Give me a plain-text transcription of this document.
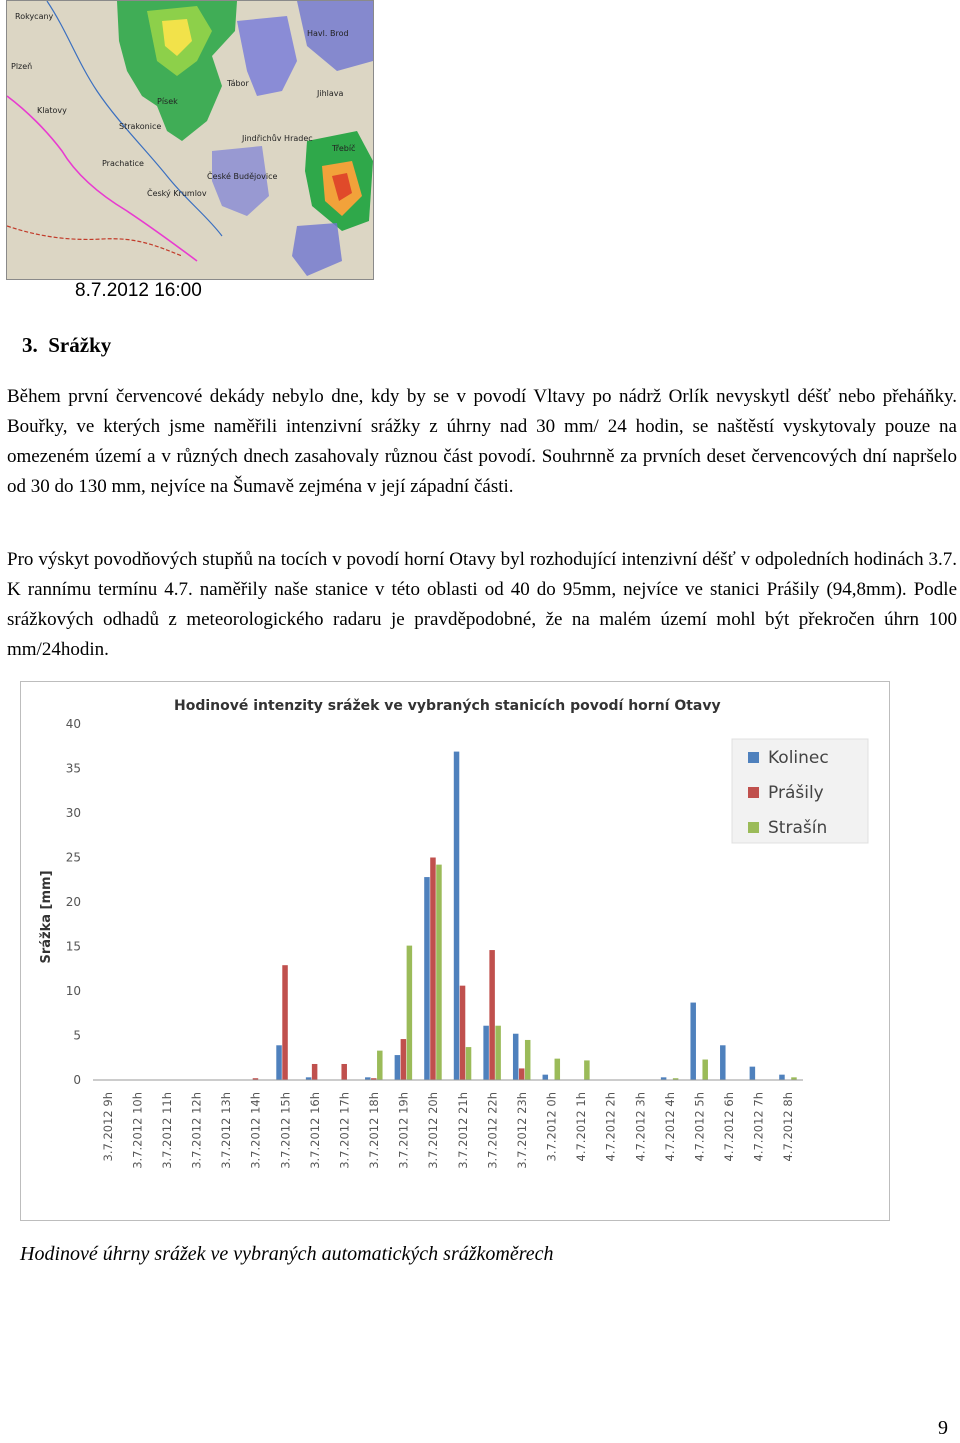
Rokycany
Plzeň
Klatovy
Strakonice
Písek
Tábor
Jindřichův Hradec
České Budějovice
Český Krumlov
Prachatice
Havl. Brod
Jihlava
Třebíč
8.7.2012 16:00
3. Srážky

Během první červencové dekády nebylo dne, kdy by se v povodí Vltavy po nádrž Orlík nevyskytl déšť nebo přeháňky. Bouřky, ve kterých jsme naměřili intenzivní srážky z úhrny nad 30 mm/ 24 hodin, se naštěstí vyskytovaly pouze na omezeném území a v různých dnech zasahovaly různou část povodí. Souhrnně za prvních deset červencových dní napršelo od 30 do 130 mm, nejvíce na Šumavě zejména v její západní části.

Pro výskyt povodňových stupňů na tocích v povodí horní Otavy byl rozhodující intenzivní déšť v odpoledních hodinách 3.7. K rannímu termínu 4.7. naměřily naše stanice v této oblasti od 40 do 95mm, nejvíce ve stanici Prášily (94,8mm). Podle srážkových odhadů z meteorologického radaru je pravděpodobné, že na malém území mohl být překročen úhrn 100 mm/24hodin.

Hodinové intenzity srážek ve vybraných stanicích povodí horní Otavy
Srážka [mm]
0
5
10
15
20
25
30
35
40
3.7.2012 9h 3.7.2012 10h 3.7.2012 11h 3.7.2012 12h 3.7.2012 13h 3.7.2012 14h 3.7.2012 15h 3.7.2012 16h 3.7.2012 17h 3.7.2012 18h 3.7.2012 19h 3.7.2012 20h 3.7.2012 21h 3.7.2012 22h 3.7.2012 23h 3.7.2012 0h 4.7.2012 1h 4.7.2012 2h 4.7.2012 3h 4.7.2012 4h 4.7.2012 5h 4.7.2012 6h 4.7.2012 7h 4.7.2012 8h
Kolinec
Prášily
Strašín
Hodinové úhrny srážek ve vybraných automatických srážkoměrech
9
